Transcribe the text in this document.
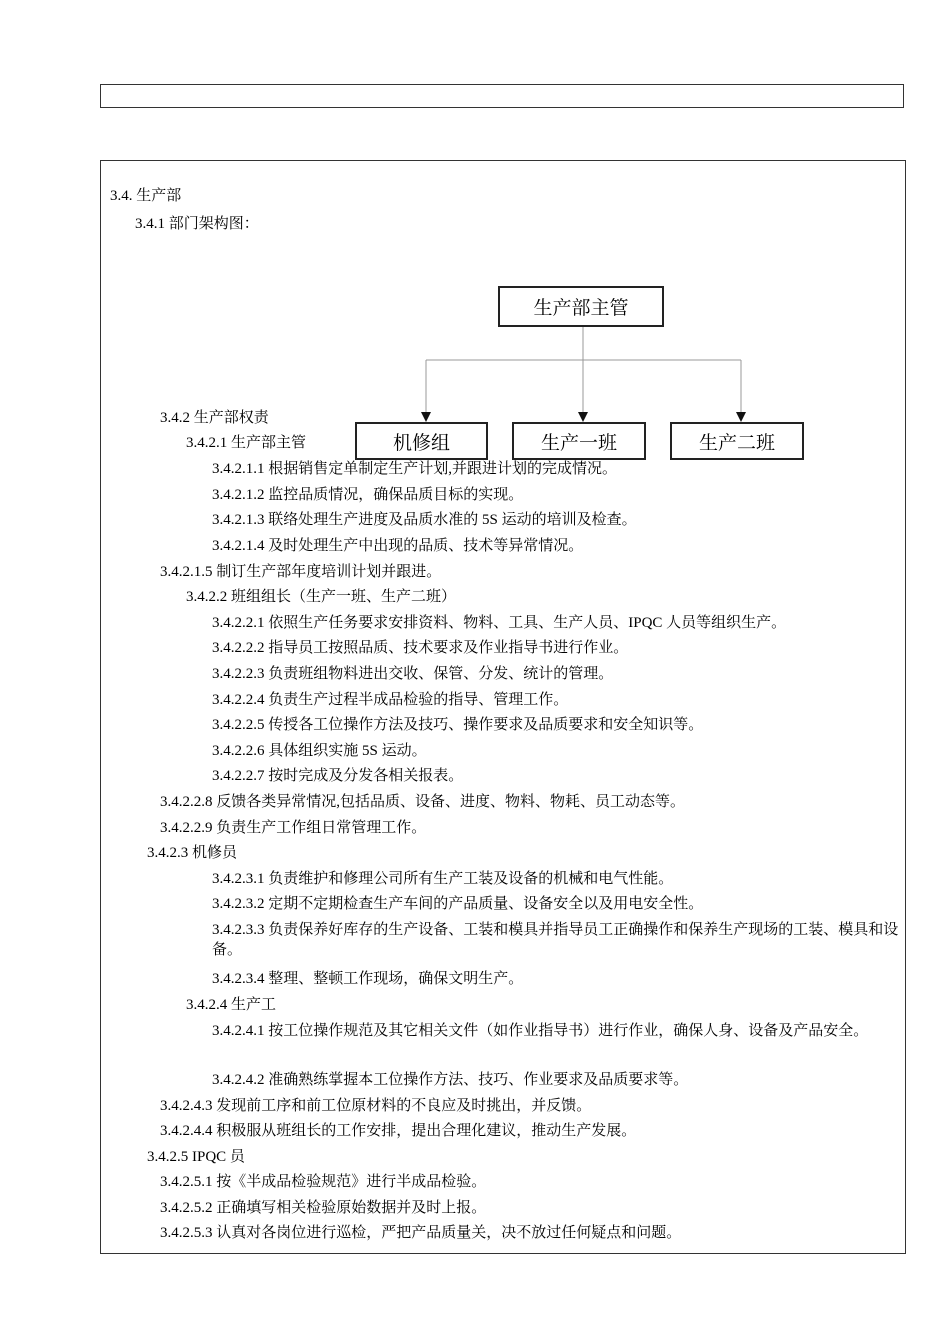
3.4. 生产部
3.4.1 部门架构图：
生产部主管
机修组	生产一班	生产二班
3.4.2 生产部权责
3.4.2.1 生产部主管
3.4.2.1.1 根据销售定单制定生产计划,并跟进计划的完成情况。
3.4.2.1.2 监控品质情况，确保品质目标的实现。
3.4.2.1.3 联络处理生产进度及品质水准的 5S 运动的培训及检查。
3.4.2.1.4 及时处理生产中出现的品质、技术等异常情况。
3.4.2.1.5 制订生产部年度培训计划并跟进。
3.4.2.2 班组组长（生产一班、生产二班）
3.4.2.2.1 依照生产任务要求安排资料、物料、工具、生产人员、IPQC 人员等组织生产。
3.4.2.2.2 指导员工按照品质、技术要求及作业指导书进行作业。
3.4.2.2.3 负责班组物料进出交收、保管、分发、统计的管理。
3.4.2.2.4 负责生产过程半成品检验的指导、管理工作。
3.4.2.2.5 传授各工位操作方法及技巧、操作要求及品质要求和安全知识等。
3.4.2.2.6 具体组织实施 5S 运动。
3.4.2.2.7 按时完成及分发各相关报表。
3.4.2.2.8 反馈各类异常情况,包括品质、设备、进度、物料、物耗、员工动态等。
3.4.2.2.9 负责生产工作组日常管理工作。
3.4.2.3 机修员
3.4.2.3.1 负责维护和修理公司所有生产工装及设备的机械和电气性能。
3.4.2.3.2 定期不定期检查生产车间的产品质量、设备安全以及用电安全性。
3.4.2.3.3 负责保养好库存的生产设备、工装和模具并指导员工正确操作和保养生产现场的工装、模具和设备。
3.4.2.3.4 整理、整顿工作现场，确保文明生产。
3.4.2.4 生产工
3.4.2.4.1 按工位操作规范及其它相关文件（如作业指导书）进行作业，确保人身、设备及产品安全。
3.4.2.4.2 准确熟练掌握本工位操作方法、技巧、作业要求及品质要求等。
3.4.2.4.3 发现前工序和前工位原材料的不良应及时挑出，并反馈。
3.4.2.4.4 积极服从班组长的工作安排，提出合理化建议，推动生产发展。
3.4.2.5 IPQC 员
3.4.2.5.1 按《半成品检验规范》进行半成品检验。
3.4.2.5.2 正确填写相关检验原始数据并及时上报。
3.4.2.5.3 认真对各岗位进行巡检，严把产品质量关，决不放过任何疑点和问题。
